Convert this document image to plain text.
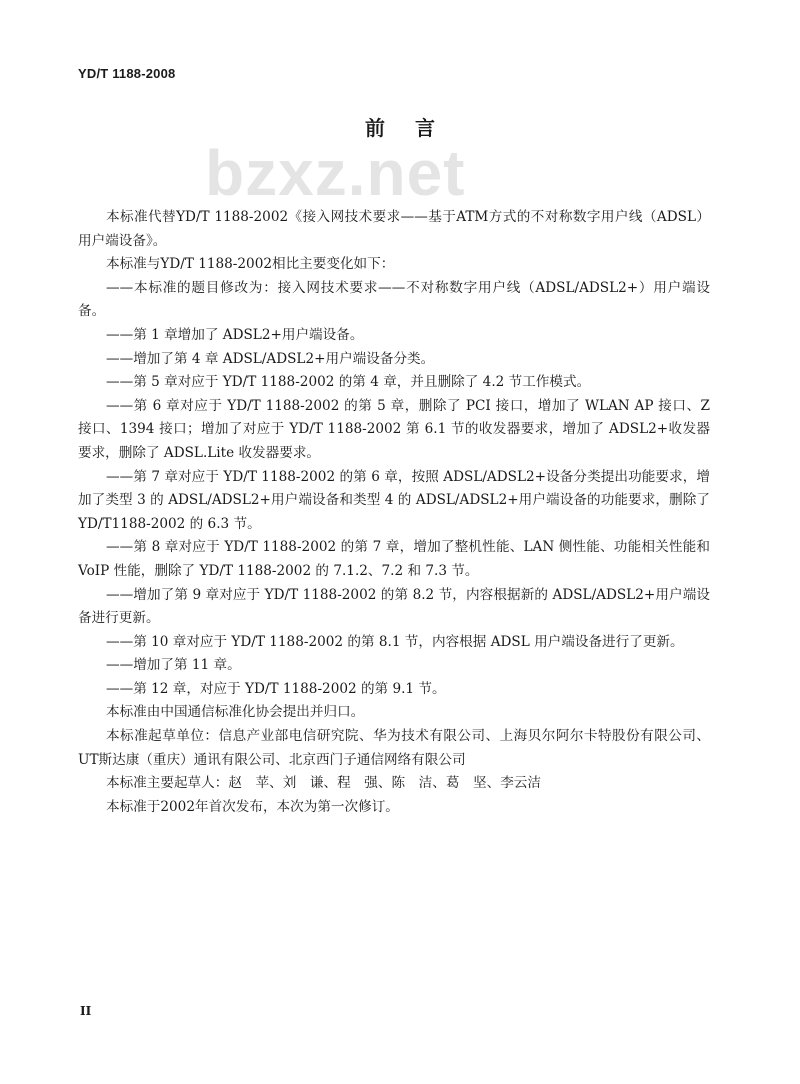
YD/T 1188-2008
前言
bzxz.net

本标准代替YD/T 1188-2002《接入网技术要求——基于ATM方式的不对称数字用户线（ADSL）用户端设备》。

本标准与YD/T 1188-2002相比主要变化如下：

——本标准的题目修改为：接入网技术要求——不对称数字用户线（ADSL/ADSL2+）用户端设备。

——第 1 章增加了 ADSL2+用户端设备。

——增加了第 4 章 ADSL/ADSL2+用户端设备分类。

——第 5 章对应于 YD/T 1188-2002 的第 4 章，并且删除了 4.2 节工作模式。

——第 6 章对应于 YD/T 1188-2002 的第 5 章，删除了 PCI 接口，增加了 WLAN AP 接口、Z 接口、1394 接口；增加了对应于 YD/T 1188-2002 第 6.1 节的收发器要求，增加了 ADSL2+收发器要求，删除了 ADSL.Lite 收发器要求。

——第 7 章对应于 YD/T 1188-2002 的第 6 章，按照 ADSL/ADSL2+设备分类提出功能要求，增加了类型 3 的 ADSL/ADSL2+用户端设备和类型 4 的 ADSL/ADSL2+用户端设备的功能要求，删除了 YD/T1188-2002 的 6.3 节。

——第 8 章对应于 YD/T 1188-2002 的第 7 章，增加了整机性能、LAN 侧性能、功能相关性能和 VoIP 性能，删除了 YD/T 1188-2002 的 7.1.2、7.2 和 7.3 节。

——增加了第 9 章对应于 YD/T 1188-2002 的第 8.2 节，内容根据新的 ADSL/ADSL2+用户端设备进行更新。

——第 10 章对应于 YD/T 1188-2002 的第 8.1 节，内容根据 ADSL 用户端设备进行了更新。

——增加了第 11 章。

——第 12 章，对应于 YD/T 1188-2002 的第 9.1 节。

本标准由中国通信标准化协会提出并归口。

本标准起草单位：信息产业部电信研究院、华为技术有限公司、上海贝尔阿尔卡特股份有限公司、UT斯达康（重庆）通讯有限公司、北京西门子通信网络有限公司

本标准主要起草人：赵　苹、刘　谦、程　强、陈　洁、葛　坚、李云洁

本标准于2002年首次发布，本次为第一次修订。

II
